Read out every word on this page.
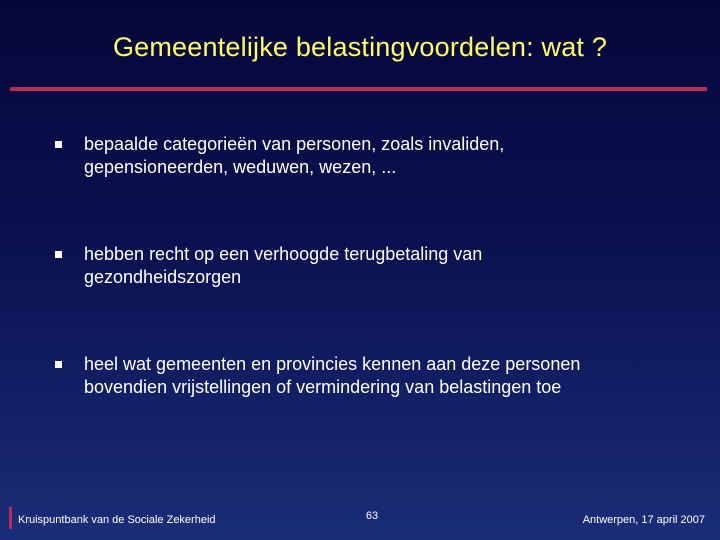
Gemeentelijke belastingvoordelen: wat ?
bepaalde categorieën van personen, zoals invaliden,
gepensioneerden, weduwen, wezen, ...
hebben recht op een verhoogde terugbetaling van
gezondheidszorgen
heel wat gemeenten en provincies kennen aan deze personen
bovendien vrijstellingen of vermindering van belastingen toe
Kruispuntbank van de Sociale Zekerheid	63	Antwerpen, 17 april 2007
